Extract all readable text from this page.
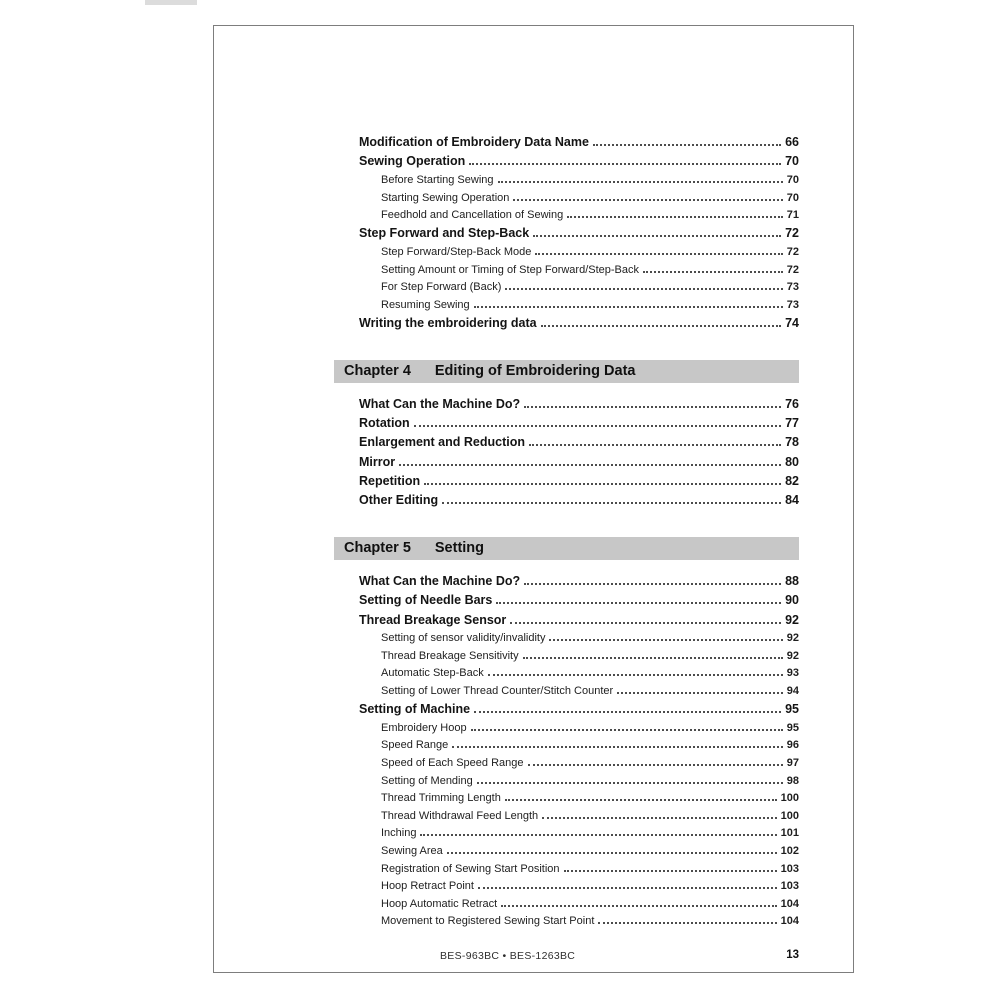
Modification of Embroidery Data Name	66
Sewing Operation	70
Before Starting Sewing	70
Starting Sewing Operation	70
Feedhold and Cancellation of Sewing	71
Step Forward and Step-Back	72
Step Forward/Step-Back Mode	72
Setting Amount or Timing of Step Forward/Step-Back	72
For Step Forward (Back)	73
Resuming Sewing	73
Writing the embroidering data	74
Chapter 4 Editing of Embroidering Data
What Can the Machine Do?	76
Rotation	77
Enlargement and Reduction	78
Mirror	80
Repetition	82
Other Editing	84
Chapter 5 Setting
What Can the Machine Do?	88
Setting of Needle Bars	90
Thread Breakage Sensor	92
Setting of sensor validity/invalidity	92
Thread Breakage Sensitivity	92
Automatic Step-Back	93
Setting of Lower Thread Counter/Stitch Counter	94
Setting of Machine	95
Embroidery Hoop	95
Speed Range	96
Speed of Each Speed Range	97
Setting of Mending	98
Thread Trimming Length	100
Thread Withdrawal Feed Length	100
Inching	101
Sewing Area	102
Registration of Sewing Start Position	103
Hoop Retract Point	103
Hoop Automatic Retract	104
Movement to Registered Sewing Start Point	104
BES-963BC • BES-1263BC	13
